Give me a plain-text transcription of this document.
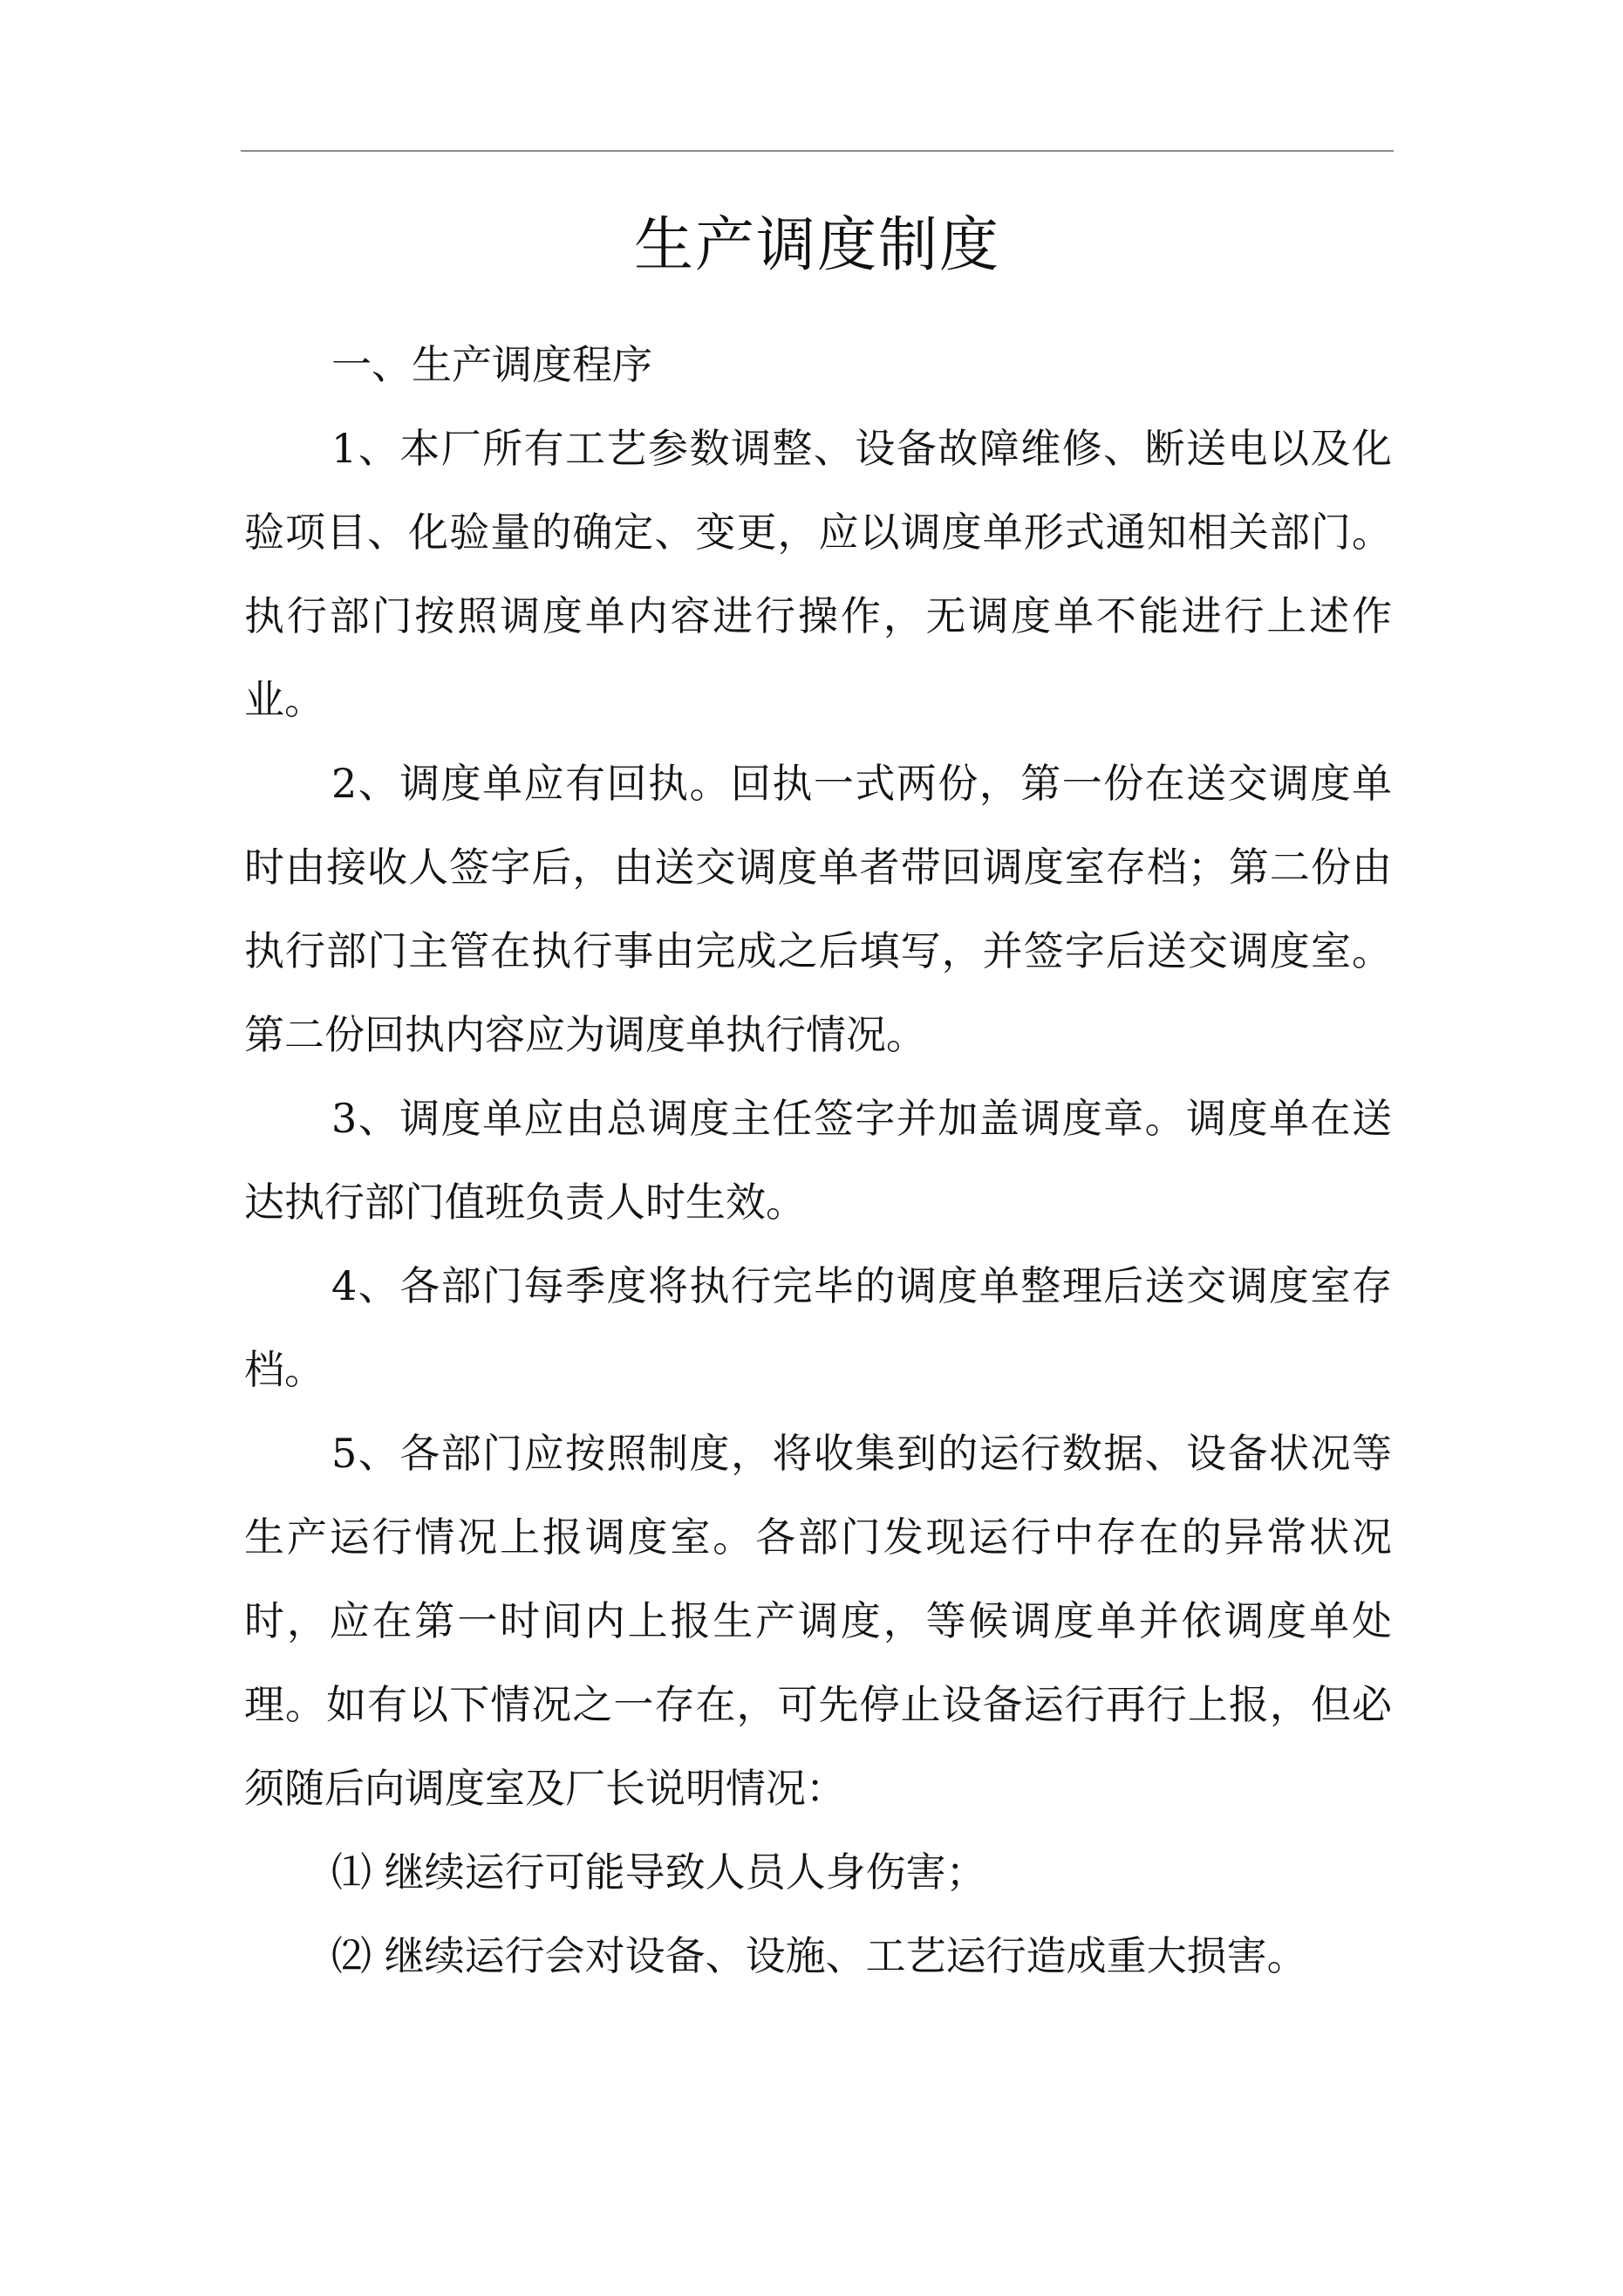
生产调度制度

一、生产调度程序

1、本厂所有工艺参数调整、设备故障维修、断送电以及化验项目、化验量的确定、变更，应以调度单形式通知相关部门。执行部门按照调度单内容进行操作，无调度单不能进行上述作业。

2、调度单应有回执。回执一式两份，第一份在送交调度单时由接收人签字后，由送交调度单者带回调度室存档；第二份由执行部门主管在执行事由完成之后填写，并签字后送交调度室。第二份回执内容应为调度单执行情况。

3、调度单应由总调度主任签字并加盖调度章。调度单在送达执行部门值班负责人时生效。

4、各部门每季度将执行完毕的调度单整理后送交调度室存档。

5、各部门应按照制度，将收集到的运行数据、设备状况等生产运行情况上报调度室。各部门发现运行中存在的异常状况时，应在第一时间内上报生产调度，等候调度单并依调度单处理。如有以下情况之一存在，可先停止设备运行再行上报，但必须随后向调度室及厂长说明情况：

⑴ 继续运行可能导致人员人身伤害；

⑵ 继续运行会对设备、设施、工艺运行造成重大损害。
